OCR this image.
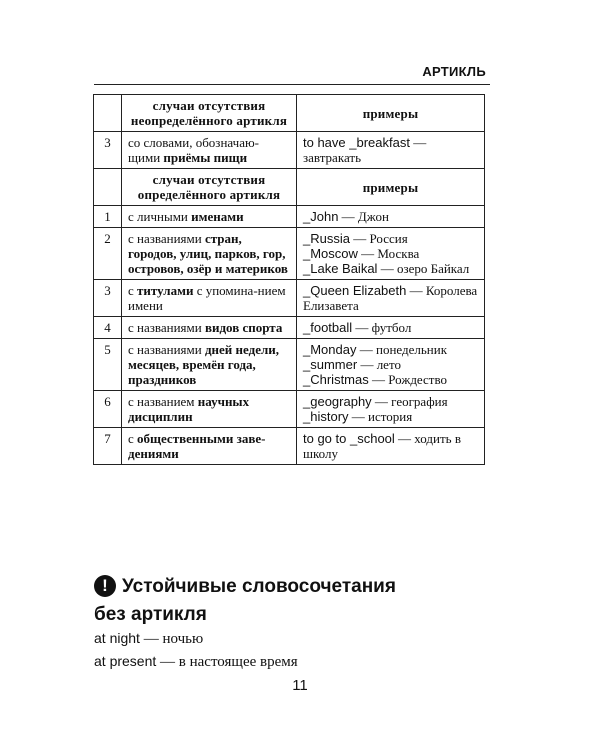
АРТИКЛЬ
	случаи отсутствия неопределённого артикля	примеры
3	со словами, обозначаю-щими приёмы пищи	to have _breakfast — завтракать
	случаи отсутствия определённого артикля	примеры
1	с личными именами	_John — Джон

2	с названиями стран, городов, улиц, парков, гор, островов, озёр и материков	_Russia — Россия
_Moscow — Москва
_Lake Baikal — озеро Байкал

3	с титулами с упомина-нием имени	_Queen Elizabeth — Королева Елизавета

4	с названиями видов спорта	_football — футбол

5	с названиями дней недели, месяцев, времён года, праздников	_Monday — понедельник
_summer — лето
_Christmas — Рождество

6	с названием научных дисциплин	_geography — география
_history — история

7	с общественными заве-дениями	to go to _school — ходить в школу
! Устойчивые словосочетания
без артикля
at night — ночью
at present — в настоящее время
11
